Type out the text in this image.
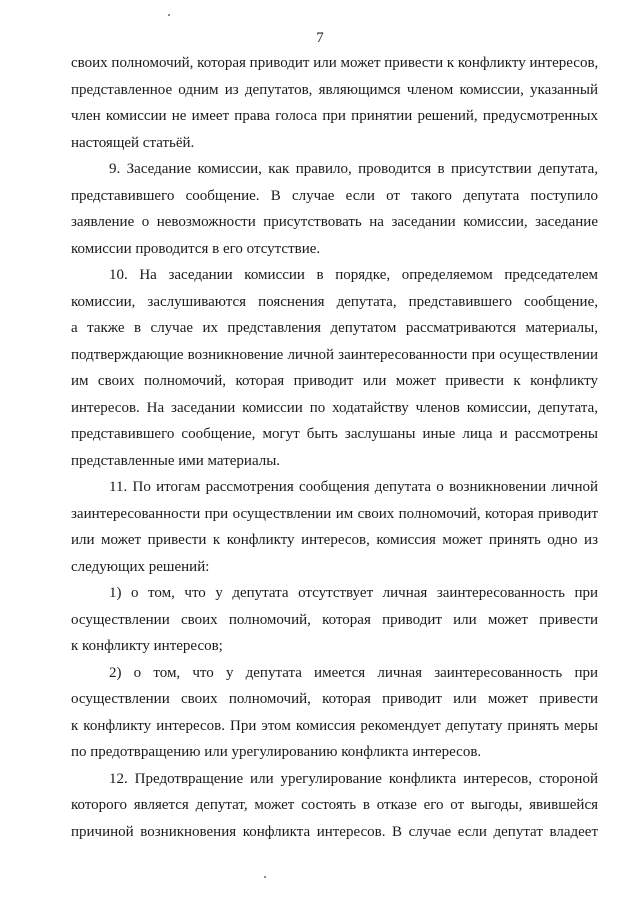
7
своих полномочий, которая приводит или может привести к конфликту интересов,
представленное одним из депутатов, являющимся членом комиссии, указанный
член комиссии не имеет права голоса при принятии решений, предусмотренных
настоящей статьёй.
9. Заседание комиссии, как правило, проводится в присутствии депутата,
представившего сообщение. В случае если от такого депутата поступило
заявление о невозможности присутствовать на заседании комиссии, заседание
комиссии проводится в его отсутствие.
10. На заседании комиссии в порядке, определяемом председателем
комиссии, заслушиваются пояснения депутата, представившего сообщение,
а также в случае их представления депутатом рассматриваются материалы,
подтверждающие возникновение личной заинтересованности при осуществлении
им своих полномочий, которая приводит или может привести к конфликту
интересов. На заседании комиссии по ходатайству членов комиссии, депутата,
представившего сообщение, могут быть заслушаны иные лица и рассмотрены
представленные ими материалы.
11. По итогам рассмотрения сообщения депутата о возникновении личной
заинтересованности при осуществлении им своих полномочий, которая приводит
или может привести к конфликту интересов, комиссия может принять одно из
следующих решений:
1) о том, что у депутата отсутствует личная заинтересованность при
осуществлении своих полномочий, которая приводит или может привести
к конфликту интересов;
2) о том, что у депутата имеется личная заинтересованность при
осуществлении своих полномочий, которая приводит или может привести
к конфликту интересов. При этом комиссия рекомендует депутату принять меры
по предотвращению или урегулированию конфликта интересов.
12. Предотвращение или урегулирование конфликта интересов, стороной
которого является депутат, может состоять в отказе его от выгоды, явившейся
причиной возникновения конфликта интересов. В случае если депутат владеет
